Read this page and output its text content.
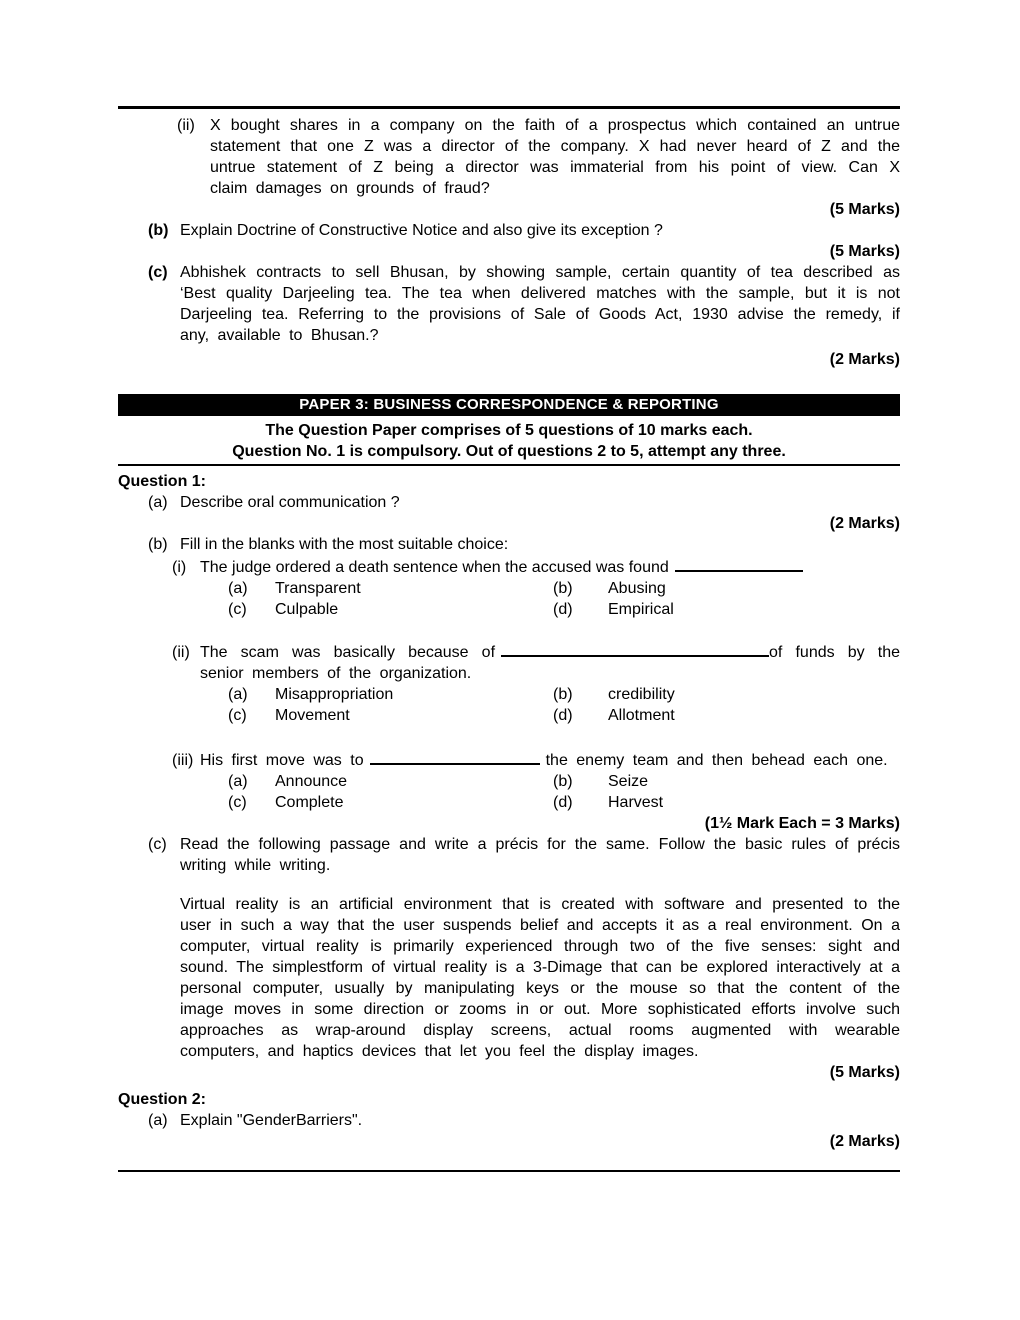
(ii) X bought shares in a company on the faith of a prospectus which contained an untrue statement that one Z was a director of the company. X had never heard of Z and the untrue statement of Z being a director was immaterial from his point of view. Can X claim damages on grounds of fraud?
(5 Marks)
(b) Explain Doctrine of Constructive Notice and also give its exception ?
(5 Marks)
(c) Abhishek contracts to sell Bhusan, by showing sample, certain quantity of tea described as ‘Best quality Darjeeling tea. The tea when delivered matches with the sample, but it is not Darjeeling tea. Referring to the provisions of Sale of Goods Act, 1930 advise the remedy, if any, available to Bhusan.?
(2 Marks)
PAPER 3: BUSINESS CORRESPONDENCE & REPORTING
The Question Paper comprises of 5 questions of 10 marks each.
Question No. 1 is compulsory. Out of questions 2 to 5, attempt any three.
Question 1:
(a) Describe oral communication ?
(2 Marks)
(b) Fill in the blanks with the most suitable choice:
(i) The judge ordered a death sentence when the accused was found
(a)	Transparent	(b)	Abusing
(c)	Culpable	(d)	Empirical
(ii) The scam was basically because of	of funds by the senior members of the organization.
(a)	Misappropriation	(b)	credibility
(c)	Movement	(d)	Allotment
(iii) His first move was to	the enemy team and then behead each one.
(a)	Announce	(b)	Seize
(c)	Complete	(d)	Harvest
(1½ Mark Each = 3 Marks)
(c) Read the following passage and write a précis for the same. Follow the basic rules of précis writing while writing.
Virtual reality is an artificial environment that is created with software and presented to the user in such a way that the user suspends belief and accepts it as a real environment. On a computer, virtual reality is primarily experienced through two of the five senses: sight and sound. The simplestform of virtual reality is a 3-Dimage that can be explored interactively at a personal computer, usually by manipulating keys or the mouse so that the content of the image moves in some direction or zooms in or out. More sophisticated efforts involve such approaches as wrap-around display screens, actual rooms augmented with wearable computers, and haptics devices that let you feel the display images.
(5 Marks)
Question 2:
(a) Explain "GenderBarriers".
(2 Marks)
